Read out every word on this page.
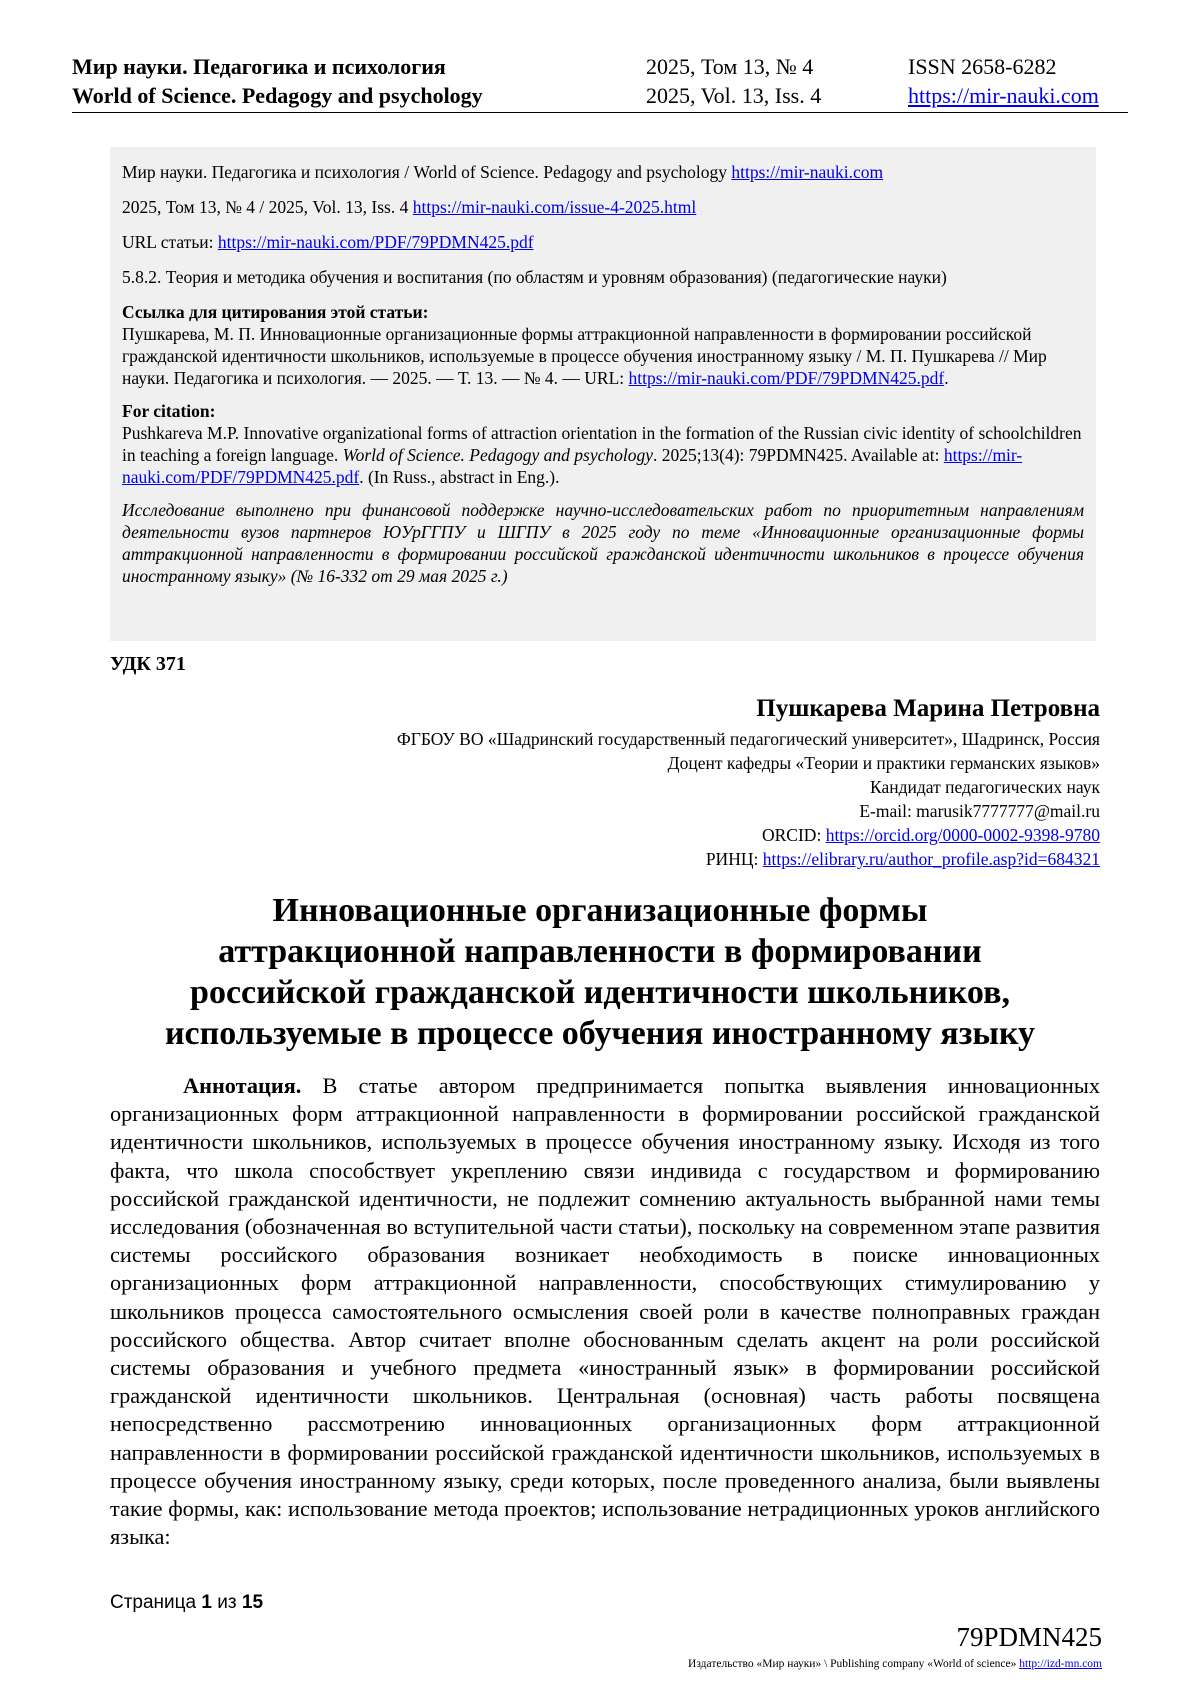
Мир науки. Педагогика и психология	2025, Том 13, № 4	ISSN 2658-6282
World of Science. Pedagogy and psychology	2025, Vol. 13, Iss. 4	https://mir-nauki.com

Мир науки. Педагогика и психология / World of Science. Pedagogy and psychology https://mir-nauki.com

2025, Том 13, № 4 / 2025, Vol. 13, Iss. 4 https://mir-nauki.com/issue-4-2025.html

URL статьи: https://mir-nauki.com/PDF/79PDMN425.pdf

5.8.2. Теория и методика обучения и воспитания (по областям и уровням образования) (педагогические науки)

Ссылка для цитирования этой статьи:
Пушкарева, М. П. Инновационные организационные формы аттракционной направленности в формировании российской гражданской идентичности школьников, используемые в процессе обучения иностранному языку / М. П. Пушкарева // Мир науки. Педагогика и психология. — 2025. — Т. 13. — № 4. — URL: https://mir-nauki.com/PDF/79PDMN425.pdf.
For citation:
Pushkareva M.P. Innovative organizational forms of attraction orientation in the formation of the Russian civic identity of schoolchildren in teaching a foreign language. World of Science. Pedagogy and psychology. 2025;13(4): 79PDMN425. Available at: https://mir-nauki.com/PDF/79PDMN425.pdf. (In Russ., abstract in Eng.).

Исследование выполнено при финансовой поддержке научно-исследовательских работ по приоритетным направлениям деятельности вузов партнеров ЮУрГГПУ и ШГПУ в 2025 году по теме «Инновационные организационные формы аттракционной направленности в формировании российской гражданской идентичности школьников в процессе обучения иностранному языку» (№ 16-332 от 29 мая 2025 г.)

УДК 371
Пушкарева Марина Петровна
ФГБОУ ВО «Шадринский государственный педагогический университет», Шадринск, Россия
Доцент кафедры «Теории и практики германских языков»
Кандидат педагогических наук
E-mail: marusik7777777@mail.ru
ORCID: https://orcid.org/0000-0002-9398-9780
РИНЦ: https://elibrary.ru/author_profile.asp?id=684321
Инновационные организационные формы
аттракционной направленности в формировании
российской гражданской идентичности школьников,
используемые в процессе обучения иностранному языку

Аннотация. В статье автором предпринимается попытка выявления инновационных организационных форм аттракционной направленности в формировании российской гражданской идентичности школьников, используемых в процессе обучения иностранному языку. Исходя из того факта, что школа способствует укреплению связи индивида с государством и формированию российской гражданской идентичности, не подлежит сомнению актуальность выбранной нами темы исследования (обозначенная во вступительной части статьи), поскольку на современном этапе развития системы российского образования возникает необходимость в поиске инновационных организационных форм аттракционной направленности, способствующих стимулированию у школьников процесса самостоятельного осмысления своей роли в качестве полноправных граждан российского общества. Автор считает вполне обоснованным сделать акцент на роли российской системы образования и учебного предмета «иностранный язык» в формировании российской гражданской идентичности школьников. Центральная (основная) часть работы посвящена непосредственно рассмотрению инновационных организационных форм аттракционной направленности в формировании российской гражданской идентичности школьников, используемых в процессе обучения иностранному языку, среди которых, после проведенного анализа, были выявлены такие формы, как: использование метода проектов; использование нетрадиционных уроков английского языка:

Страница 1 из 15
79PDMN425
Издательство «Мир науки» \ Publishing company «World of science» http://izd-mn.com
